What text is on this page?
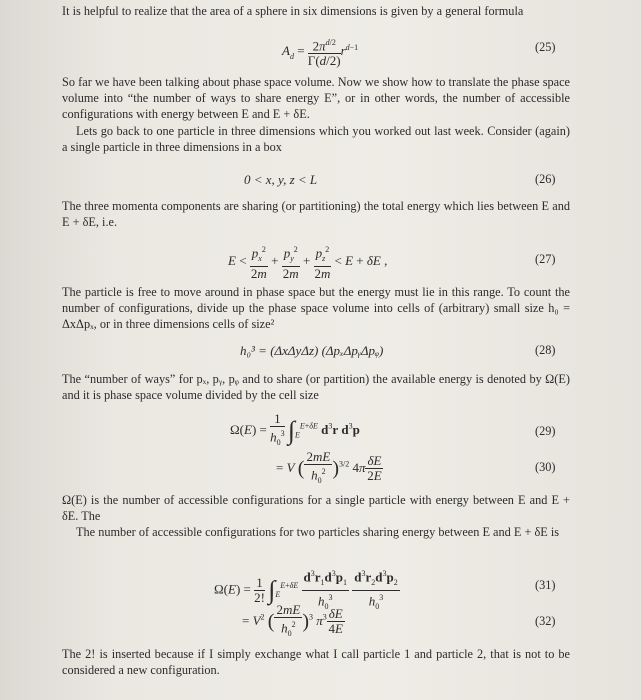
It is helpful to realize that the area of a sphere in six dimensions is given by a general formula

$A_d = \frac{2\pi^{d/2}}{\Gamma(d/2)} r^{d-1}$	(25)

So far we have been talking about phase space volume. Now we show how to translate the phase space volume into “the number of ways to share energy E”, or in other words, the number of accessible configurations with energy between E and E + δE.

Lets go back to one particle in three dimensions which you worked out last week. Consider (again) a single particle in three dimensions in a box

0 < x, y, z < L	(26)

The three momenta components are sharing (or partitioning) the total energy which lies between E and E + δE, i.e.

$E < \frac{p_x^2}{2m} + \frac{p_y^2}{2m} + \frac{p_z^2}{2m} < E + \delta E$ ,	(27)

The particle is free to move around in phase space but the energy must lie in this range. To count the number of configurations, divide up the phase space volume into cells of (arbitrary) small size h₀ = ΔxΔpₓ, or in three dimensions cells of size²

h₀³ = (ΔxΔyΔz) (ΔpₓΔpᵧΔpᵩ)	(28)

The “number of ways” for pₓ, pᵧ, pᵩ and to share (or partition) the available energy is denoted by Ω(E) and it is phase space volume divided by the cell size

$\Omega(E) = \frac{1}{h_0^3} \int_E^{E+\delta E}$ $d^3r$ $d^3p$	(29)
= V ( $\frac{2mE}{h_0^2} )^{3/2}$ $4\pi \frac{\delta E}{2E}$	(30)

Ω(E) is the number of accessible configurations for a single particle with energy between E and E + δE. The

The number of accessible configurations for two particles sharing energy between E and E + δE is

$\Omega(E) = \frac{1}{2!} \int_E^{E+\delta E} \frac{d^3r_1d^3p_1}{h_0^3}$
$\frac{d^3r_2d^3p_2}{h_0^3}$	(31)
= $V^2$ ( $\frac{2mE}{h_0^2} )^3$ $\pi^3 \frac{\delta E}{4E}$	(32)

The 2! is inserted because if I simply exchange what I call particle 1 and particle 2, that is not to be considered a new configuration.
